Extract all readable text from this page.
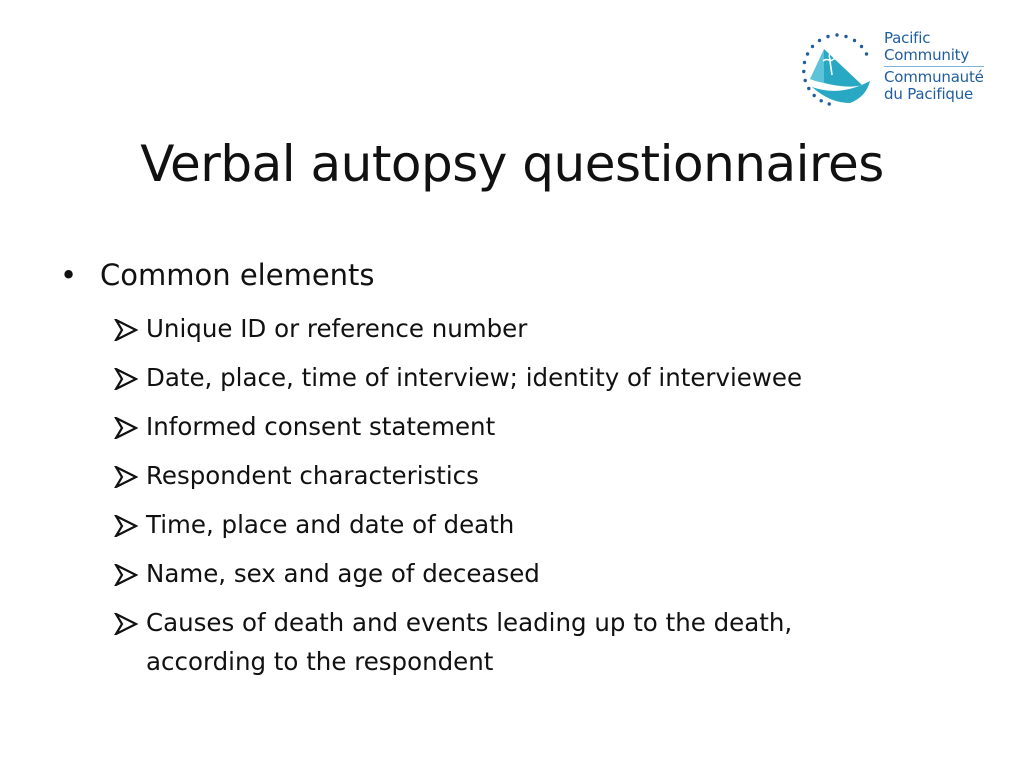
Pacific
Community
Communauté
du Pacifique
Verbal autopsy questionnaires
• Common elements
Unique ID or reference number
Date, place, time of interview; identity of interviewee
Informed consent statement
Respondent characteristics
Time, place and date of death
Name, sex and age of deceased
Causes of death and events leading up to the death, according to the respondent
